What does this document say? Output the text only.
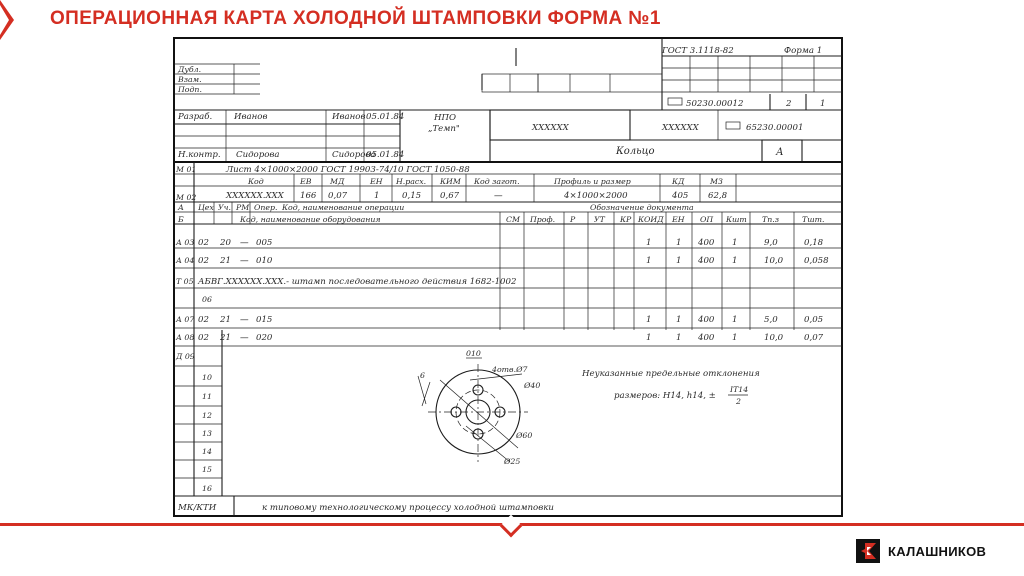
ОПЕРАЦИОННАЯ КАРТА ХОЛОДНОЙ ШТАМПОВКИ ФОРМА №1
ГОСТ 3.1118-82	Форма 1
Дубл.
Взам.
Подп.
50230.00012	2	1
Разраб.	Иванов	Иванов 05.01.84	НПО
„Темп"	XXXXXX	XXXXXX	65230.00001
Н.контр. Сидорова	Сидорова
05.01.84	Кольцо	А
М 01	Лист 4×1000×2000 ГОСТ 19903-74/10 ГОСТ 1050-88
Код	ЕВ МД	ЕН Н.расх. КИМ Код загот.	Профиль и размер	КД	МЗ
М 02	XXXXXX.XXX 166 0,07	1	0,15 0,67	—	4×1000×2000	405 62,8
А Цех Уч. РМ Опер. Код, наименование операции	Обозначение документа
Б	Код, наименование оборудования	СМ Проф. Р УТ КР КОИД ЕН ОП Кшт Тп.з	Тшт.
А 03 02 20 — 005	1	1 400 1	9,0	0,18
А 04 02 21 — 010	1	1 400 1	10,0 0,058
Т 05 АБВГ.XXXXXX.XXX.- штамп последовательного действия 1682-1002
06
А 07 02 21 — 015	1	1 400 1	5,0	0,05
А 08 02 21 — 020	1	1 400 1	10,0 0,07
Д 09
10
11
12
13
14
15
16
010
4отв.Ø7
Ø40
Ø60
Ø25
6	Неуказанные предельные отклонения
размеров: Н14, h14, ±
IT14
2
МК/КТИ	к типовому технологическому процессу холодной штамповки
КАЛАШНИКОВ
